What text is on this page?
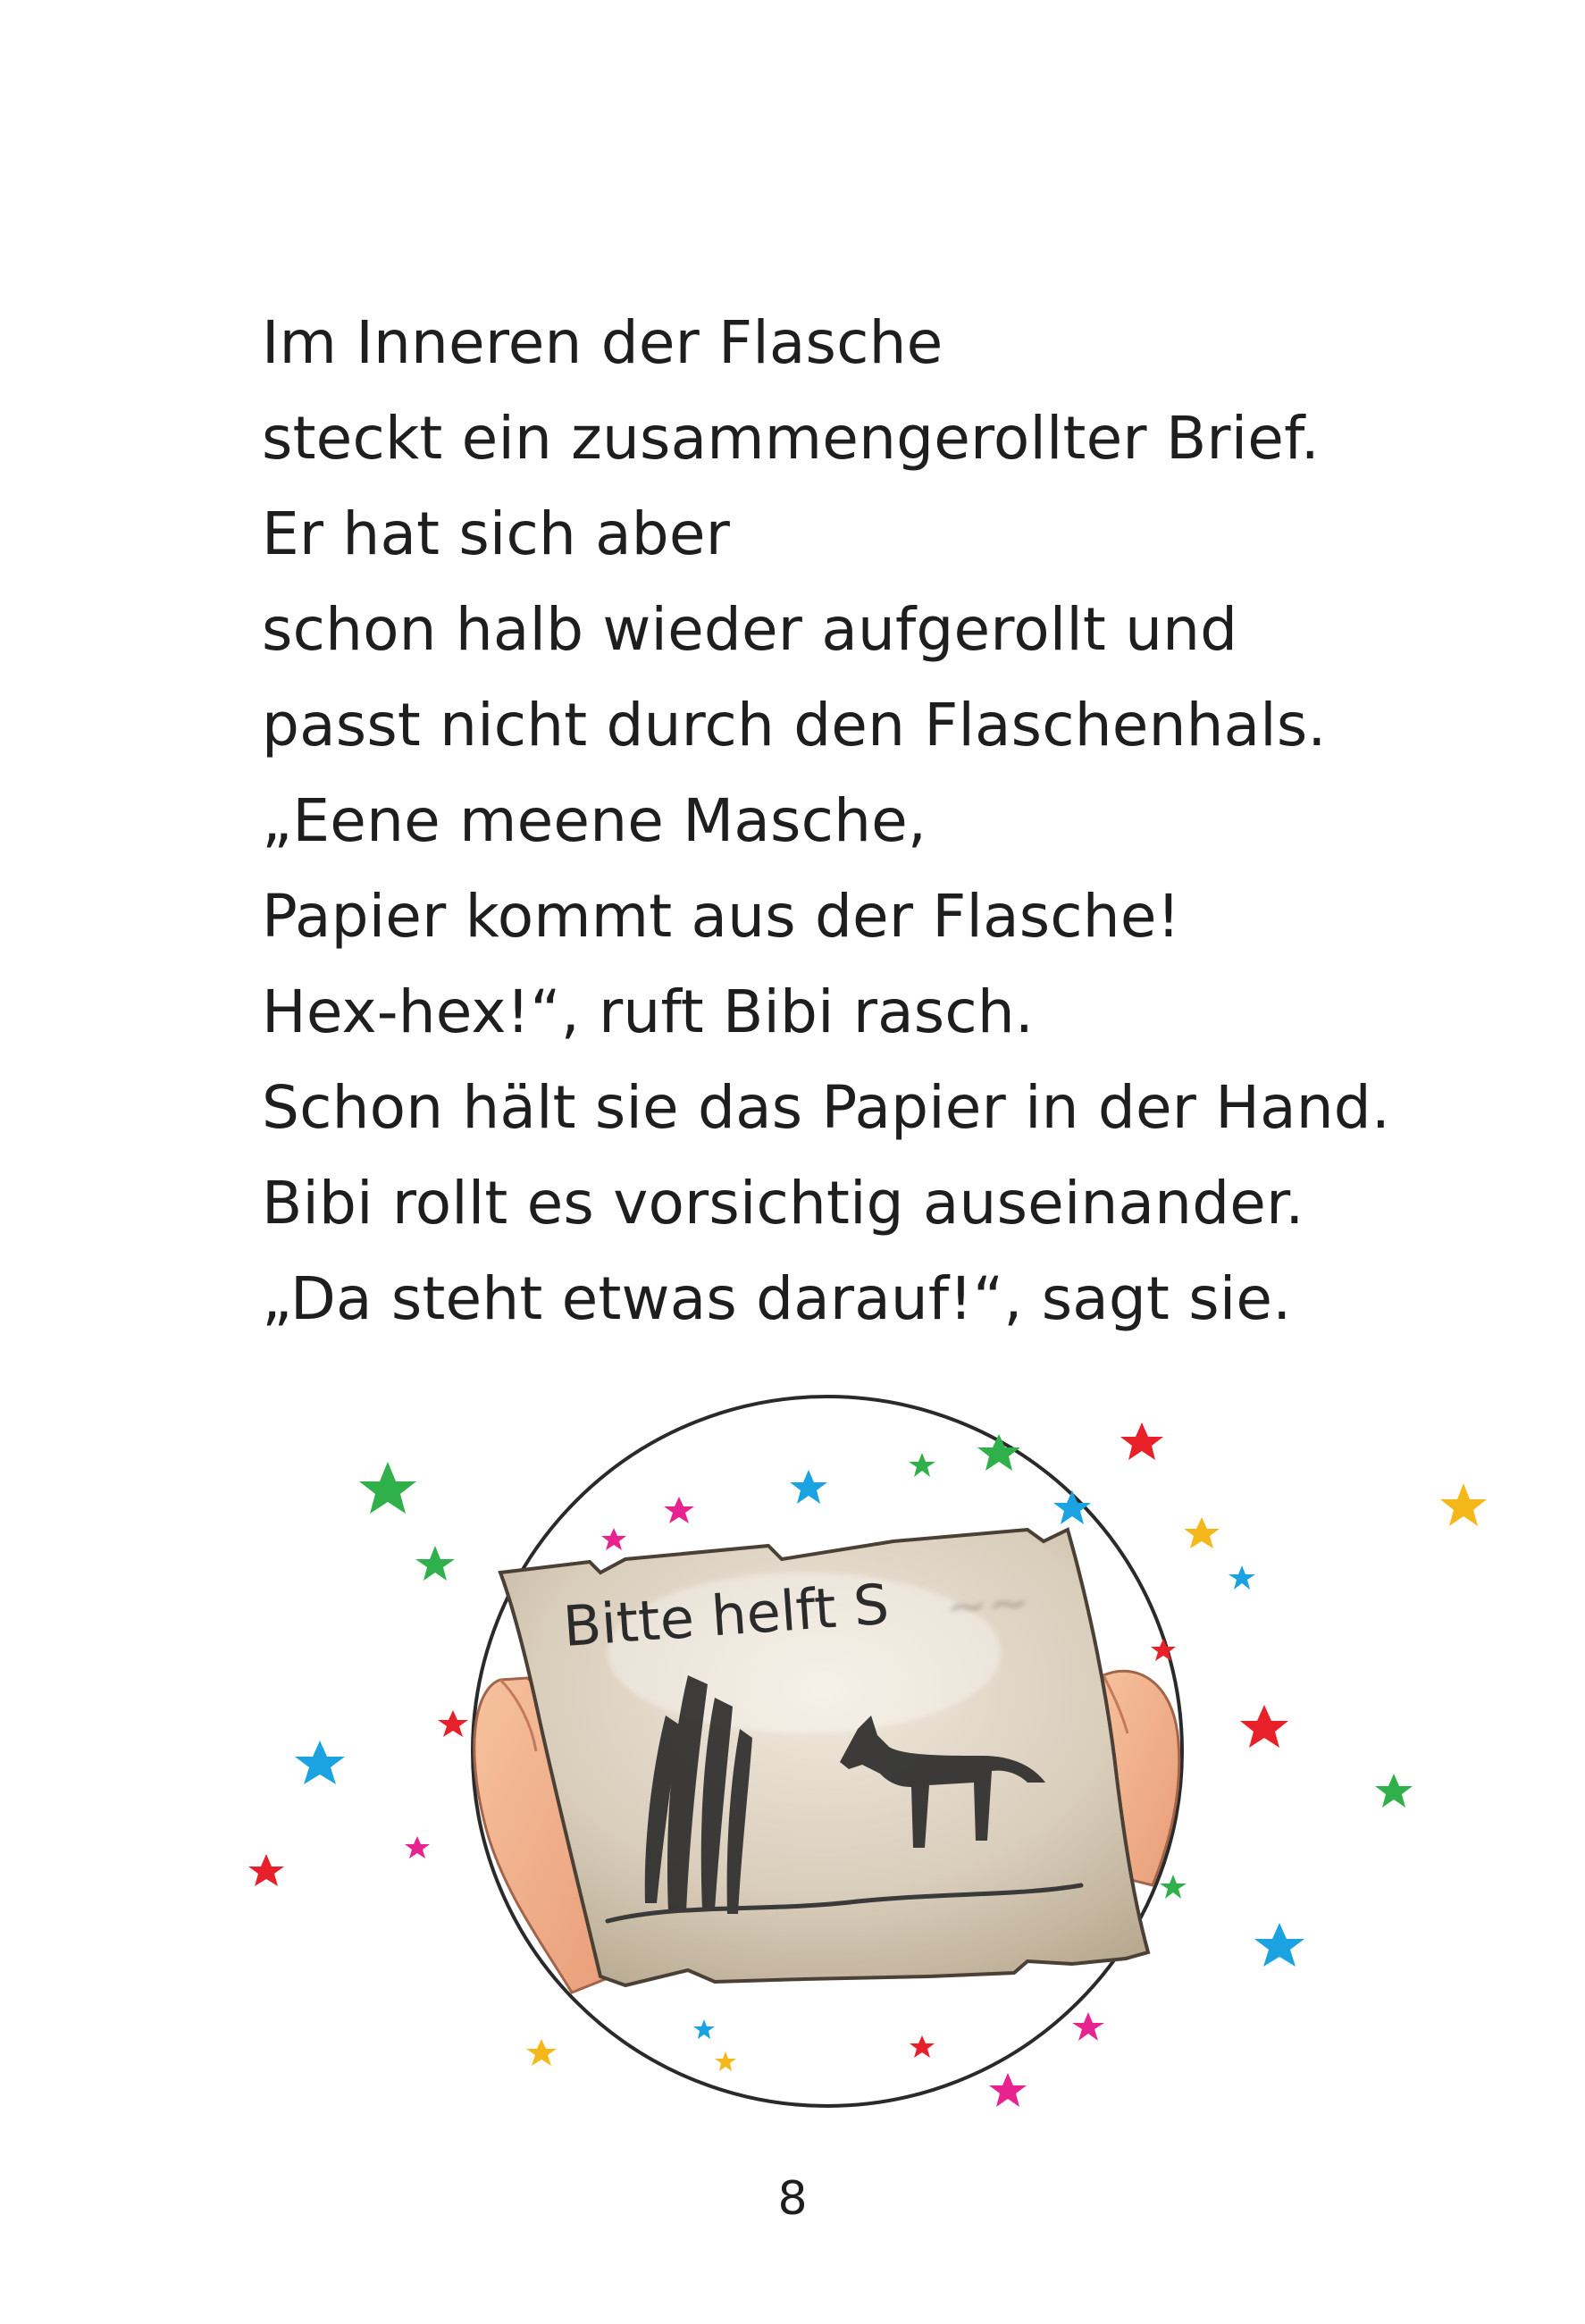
Im Inneren der Flasche
steckt ein zusammengerollter Brief.
Er hat sich aber
schon halb wieder aufgerollt und
passt nicht durch den Flaschenhals.
„Eene meene Masche,
Papier kommt aus der Flasche!
Hex-hex!“, ruft Bibi rasch.
Schon hält sie das Papier in der Hand.
Bibi rollt es vorsichtig auseinander.
„Da steht etwas darauf!“, sagt sie.
Bitte helft S ~~
8
